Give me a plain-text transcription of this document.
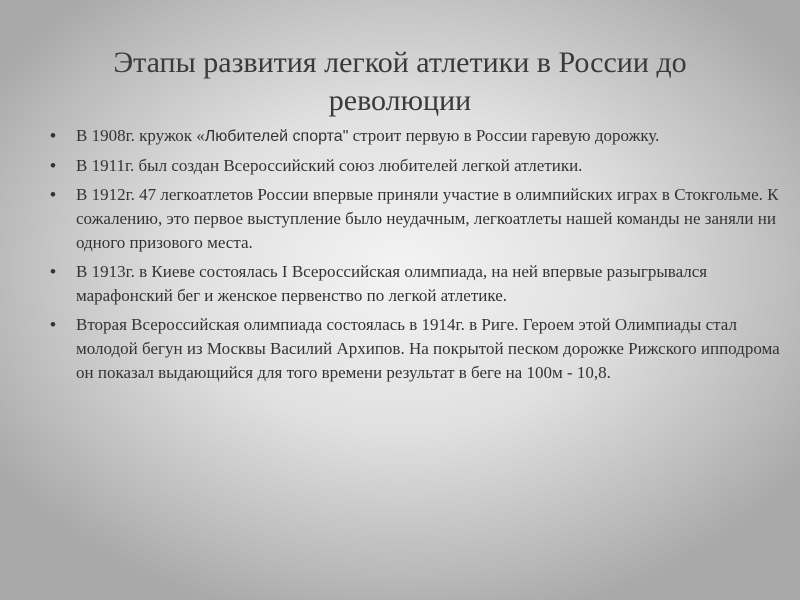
Этапы развития легкой атлетики в России до
революции
• В 1908г. кружок «Любителей спорта" строит первую в России гаревую дорожку.
• В 1911г. был создан Всероссийский союз любителей легкой атлетики.
• В 1912г. 47 легкоатлетов России впервые приняли участие в олимпийских играх в Стокгольме. К сожалению, это первое выступление было неудачным, легкоатлеты нашей команды не заняли ни одного призового места.
• В 1913г. в Киеве состоялась I Всероссийская олимпиада, на ней впервые разыгрывался марафонский бег и женское первенство по легкой атлетике.
• Вторая Всероссийская олимпиада состоялась в 1914г. в Риге. Героем этой Олимпиады стал молодой бегун из Москвы Василий Архипов. На покрытой песком дорожке Рижского ипподрома он показал выдающийся для того времени результат в беге на 100м - 10,8.
